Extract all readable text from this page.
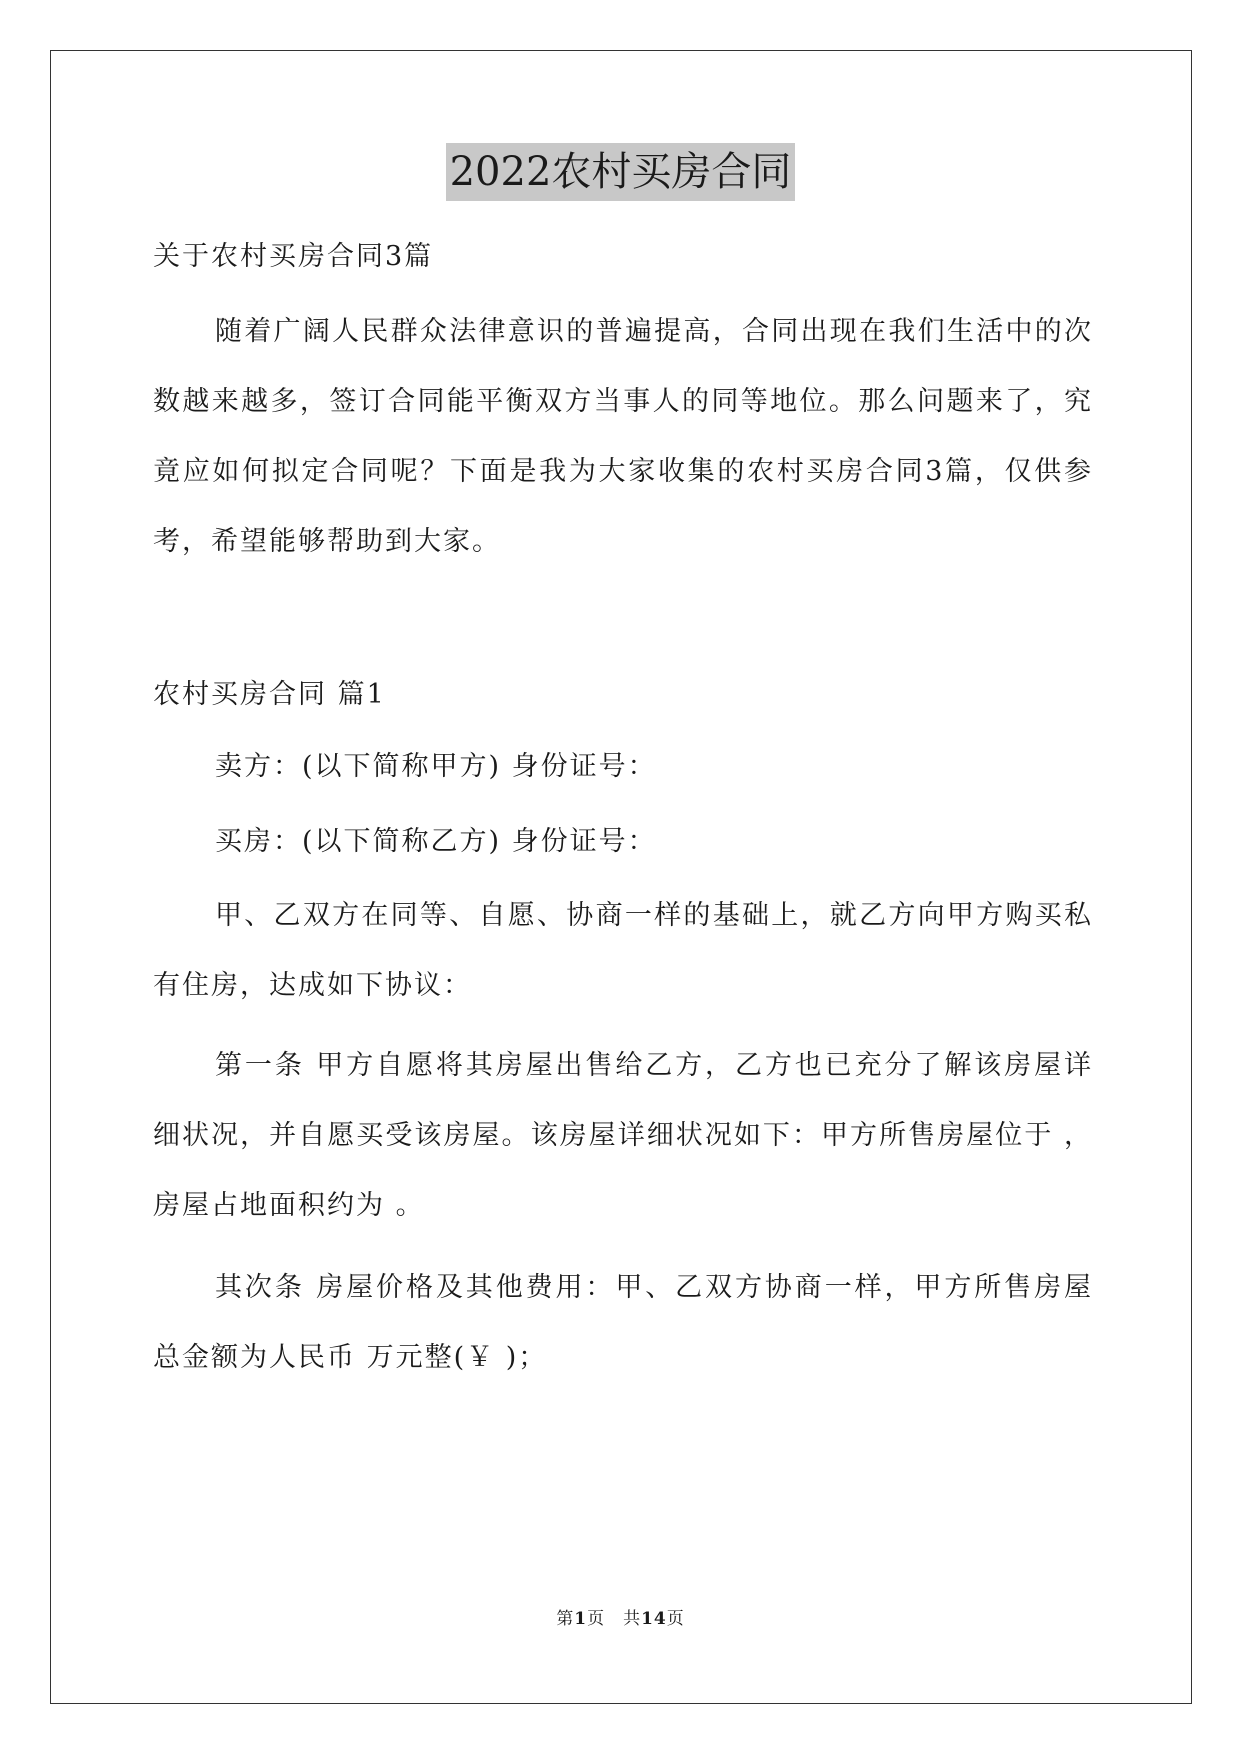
2022农村买房合同

关于农村买房合同3篇

随着广阔人民群众法律意识的普遍提高，合同出现在我们生活中的次数越来越多，签订合同能平衡双方当事人的同等地位。那么问题来了，究竟应如何拟定合同呢？下面是我为大家收集的农村买房合同3篇，仅供参考，希望能够帮助到大家。

农村买房合同 篇1

卖方：(以下简称甲方) 身份证号：

买房：(以下简称乙方) 身份证号：

甲、乙双方在同等、自愿、协商一样的基础上，就乙方向甲方购买私有住房，达成如下协议：

第一条 甲方自愿将其房屋出售给乙方，乙方也已充分了解该房屋详细状况，并自愿买受该房屋。该房屋详细状况如下：甲方所售房屋位于 ，房屋占地面积约为 。

其次条 房屋价格及其他费用：甲、乙双方协商一样，甲方所售房屋总金额为人民币 万元整(￥ )；

第1页　共14页
